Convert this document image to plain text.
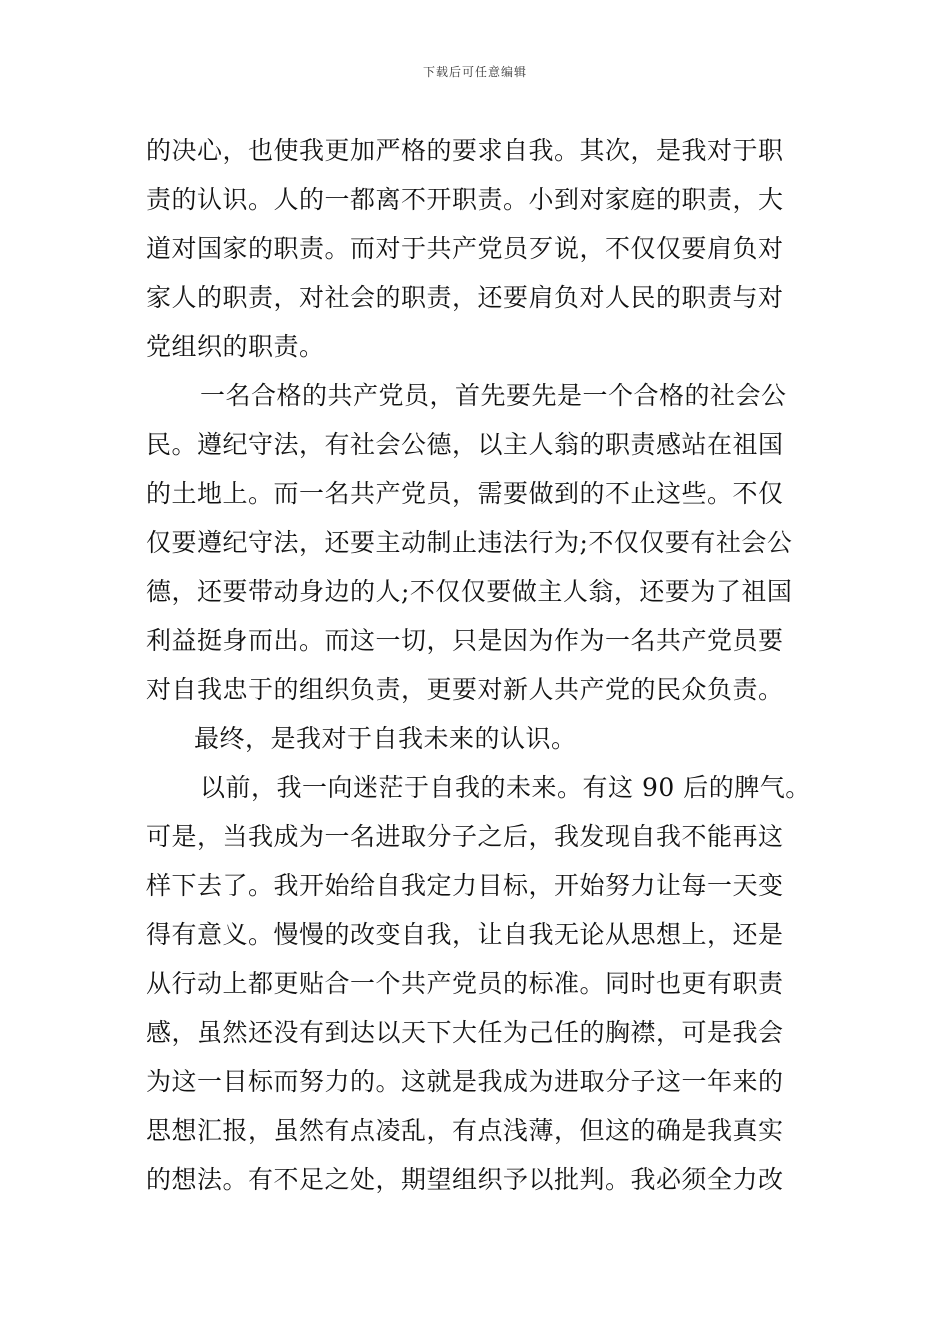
下载后可任意编辑
的决心，也使我更加严格的要求自我。其次，是我对于职
责的认识。人的一都离不开职责。小到对家庭的职责，大
道对国家的职责。而对于共产党员歹说，不仅仅要肩负对
家人的职责，对社会的职责，还要肩负对人民的职责与对
党组织的职责。
一名合格的共产党员，首先要先是一个合格的社会公
民。遵纪守法，有社会公德，以主人翁的职责感站在祖国
的土地上。而一名共产党员，需要做到的不止这些。不仅
仅要遵纪守法，还要主动制止违法行为;不仅仅要有社会公
德，还要带动身边的人;不仅仅要做主人翁，还要为了祖国
利益挺身而出。而这一切，只是因为作为一名共产党员要
对自我忠于的组织负责，更要对新人共产党的民众负责。
最终，是我对于自我未来的认识。
以前，我一向迷茫于自我的未来。有这 90 后的脾气。
可是，当我成为一名进取分子之后，我发现自我不能再这
样下去了。我开始给自我定力目标，开始努力让每一天变
得有意义。慢慢的改变自我，让自我无论从思想上，还是
从行动上都更贴合一个共产党员的标准。同时也更有职责
感，虽然还没有到达以天下大任为己任的胸襟，可是我会
为这一目标而努力的。这就是我成为进取分子这一年来的
思想汇报，虽然有点凌乱，有点浅薄，但这的确是我真实
的想法。有不足之处，期望组织予以批判。我必须全力改
